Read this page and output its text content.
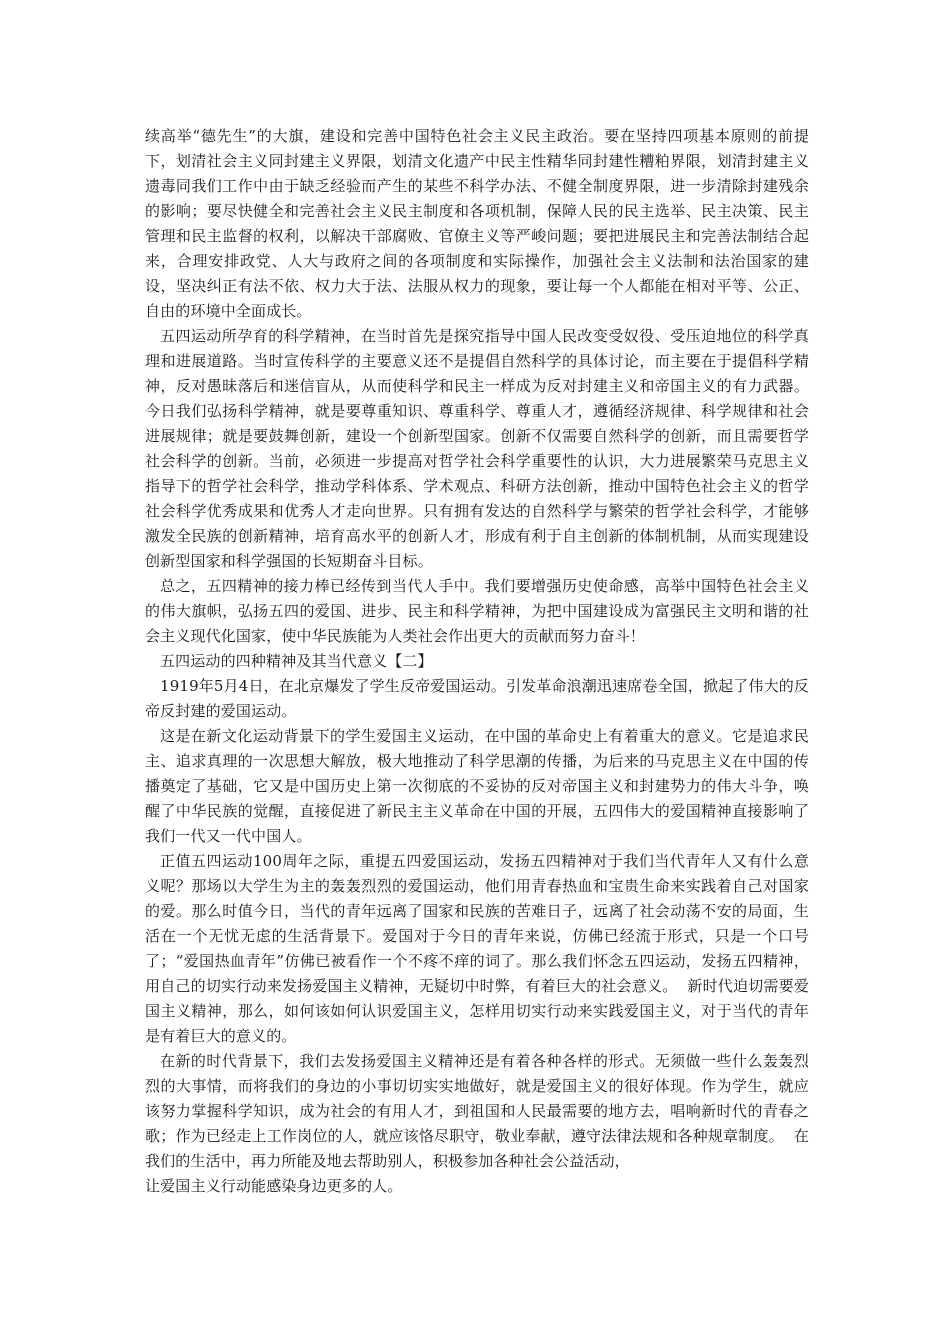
续高举“德先生”的大旗，建设和完善中国特色社会主义民主政治。要在坚持四项基本原则的前提下，划清社会主义同封建主义界限，划清文化遗产中民主性精华同封建性糟粕界限，划清封建主义遗毒同我们工作中由于缺乏经验而产生的某些不科学办法、不健全制度界限，进一步清除封建残余的影响；要尽快健全和完善社会主义民主制度和各项机制，保障人民的民主选举、民主决策、民主管理和民主监督的权利，以解决干部腐败、官僚主义等严峻问题；要把进展民主和完善法制结合起来，合理安排政党、人大与政府之间的各项制度和实际操作，加强社会主义法制和法治国家的建设，坚决纠正有法不依、权力大于法、法服从权力的现象，要让每一个人都能在相对平等、公正、自由的环境中全面成长。

五四运动所孕育的科学精神，在当时首先是探究指导中国人民改变受奴役、受压迫地位的科学真理和进展道路。当时宣传科学的主要意义还不是提倡自然科学的具体讨论，而主要在于提倡科学精神，反对愚昧落后和迷信盲从，从而使科学和民主一样成为反对封建主义和帝国主义的有力武器。今日我们弘扬科学精神，就是要尊重知识、尊重科学、尊重人才，遵循经济规律、科学规律和社会进展规律；就是要鼓舞创新，建设一个创新型国家。创新不仅需要自然科学的创新，而且需要哲学社会科学的创新。当前，必须进一步提高对哲学社会科学重要性的认识，大力进展繁荣马克思主义指导下的哲学社会科学，推动学科体系、学术观点、科研方法创新，推动中国特色社会主义的哲学社会科学优秀成果和优秀人才走向世界。只有拥有发达的自然科学与繁荣的哲学社会科学，才能够激发全民族的创新精神，培育高水平的创新人才，形成有利于自主创新的体制机制，从而实现建设创新型国家和科学强国的长短期奋斗目标。

总之，五四精神的接力棒已经传到当代人手中。我们要增强历史使命感，高举中国特色社会主义的伟大旗帜，弘扬五四的爱国、进步、民主和科学精神，为把中国建设成为富强民主文明和谐的社会主义现代化国家，使中华民族能为人类社会作出更大的贡献而努力奋斗！

五四运动的四种精神及其当代意义【二】

1919年5月4日，在北京爆发了学生反帝爱国运动。引发革命浪潮迅速席卷全国，掀起了伟大的反帝反封建的爱国运动。

这是在新文化运动背景下的学生爱国主义运动，在中国的革命史上有着重大的意义。它是追求民主、追求真理的一次思想大解放，极大地推动了科学思潮的传播，为后来的马克思主义在中国的传播奠定了基础，它又是中国历史上第一次彻底的不妥协的反对帝国主义和封建势力的伟大斗争，唤醒了中华民族的觉醒，直接促进了新民主主义革命在中国的开展，五四伟大的爱国精神直接影响了我们一代又一代中国人。

正值五四运动100周年之际，重提五四爱国运动，发扬五四精神对于我们当代青年人又有什么意义呢？那场以大学生为主的轰轰烈烈的爱国运动，他们用青春热血和宝贵生命来实践着自己对国家的爱。那么时值今日，当代的青年远离了国家和民族的苦难日子，远离了社会动荡不安的局面，生活在一个无忧无虑的生活背景下。爱国对于今日的青年来说，仿佛已经流于形式，只是一个口号了；“爱国热血青年”仿佛已被看作一个不疼不痒的词了。那么我们怀念五四运动，发扬五四精神，用自己的切实行动来发扬爱国主义精神，无疑切中时弊，有着巨大的社会意义。  新时代迫切需要爱国主义精神，那么，如何该如何认识爱国主义，怎样用切实行动来实践爱国主义，对于当代的青年是有着巨大的意义的。

在新的时代背景下，我们去发扬爱国主义精神还是有着各种各样的形式。无须做一些什么轰轰烈烈的大事情，而将我们的身边的小事切切实实地做好，就是爱国主义的很好体现。作为学生，就应该努力掌握科学知识，成为社会的有用人才，到祖国和人民最需要的地方去，唱响新时代的青春之歌；作为已经走上工作岗位的人，就应该恪尽职守，敬业奉献，遵守法律法规和各种规章制度。  在我们的生活中，再力所能及地去帮助别人，积极参加各种社会公益活动，

让爱国主义行动能感染身边更多的人。
